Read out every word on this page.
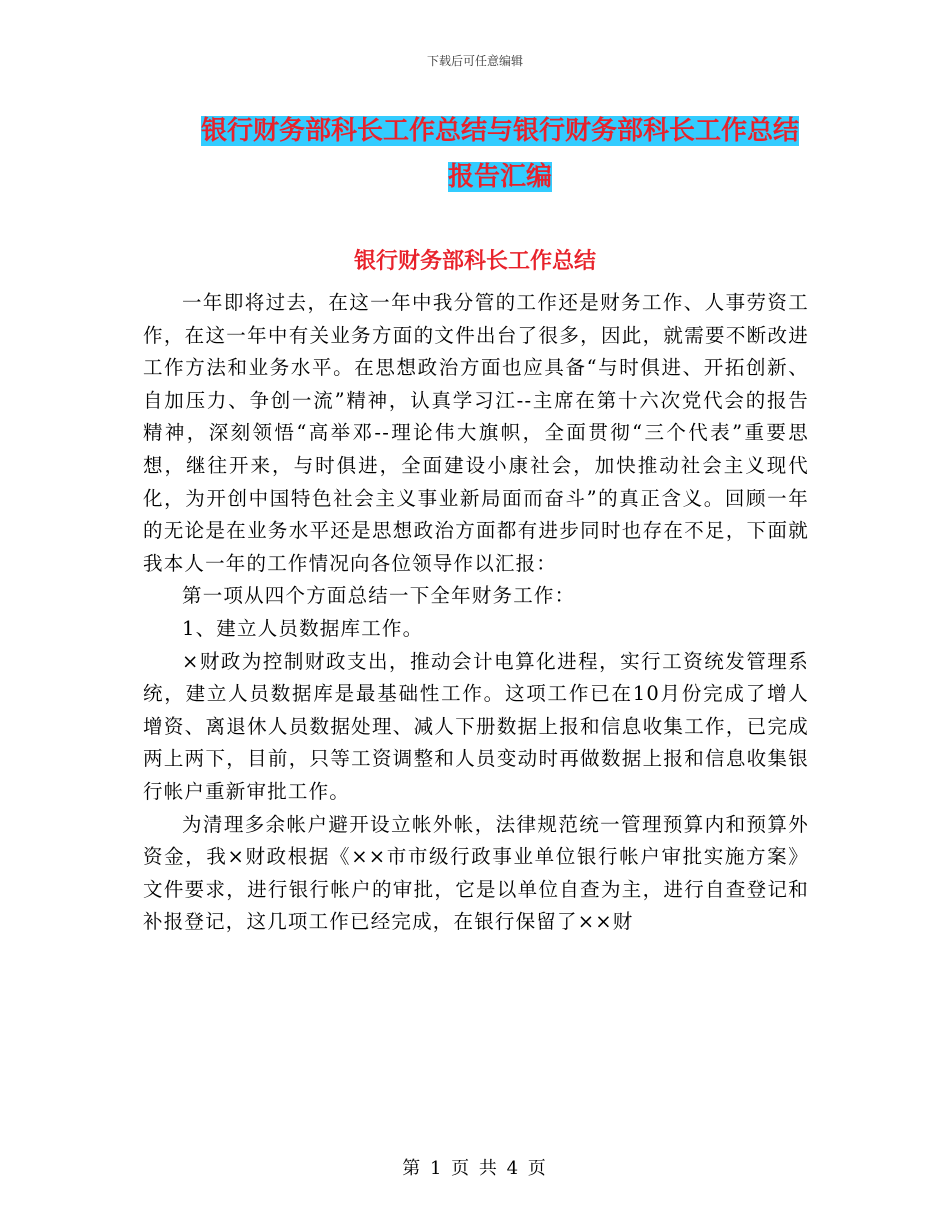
下载后可任意编辑
银行财务部科长工作总结与银行财务部科长工作总结
报告汇编
银行财务部科长工作总结

一年即将过去，在这一年中我分管的工作还是财务工作、人事劳资工作，在这一年中有关业务方面的文件出台了很多，因此，就需要不断改进工作方法和业务水平。在思想政治方面也应具备“与时俱进、开拓创新、自加压力、争创一流”精神，认真学习江--主席在第十六次党代会的报告精神，深刻领悟“高举邓--理论伟大旗帜，全面贯彻“三个代表”重要思想，继往开来，与时俱进，全面建设小康社会，加快推动社会主义现代化，为开创中国特色社会主义事业新局面而奋斗”的真正含义。回顾一年的无论是在业务水平还是思想政治方面都有进步同时也存在不足，下面就我本人一年的工作情况向各位领导作以汇报：

第一项从四个方面总结一下全年财务工作：

1、建立人员数据库工作。

×财政为控制财政支出，推动会计电算化进程，实行工资统发管理系统，建立人员数据库是最基础性工作。这项工作已在10月份完成了增人增资、离退休人员数据处理、减人下册数据上报和信息收集工作，已完成两上两下，目前，只等工资调整和人员变动时再做数据上报和信息收集银行帐户重新审批工作。

为清理多余帐户避开设立帐外帐，法律规范统一管理预算内和预算外资金，我×财政根据《××市市级行政事业单位银行帐户审批实施方案》文件要求，进行银行帐户的审批，它是以单位自查为主，进行自查登记和补报登记，这几项工作已经完成，在银行保留了××财

第 1 页 共 4 页
